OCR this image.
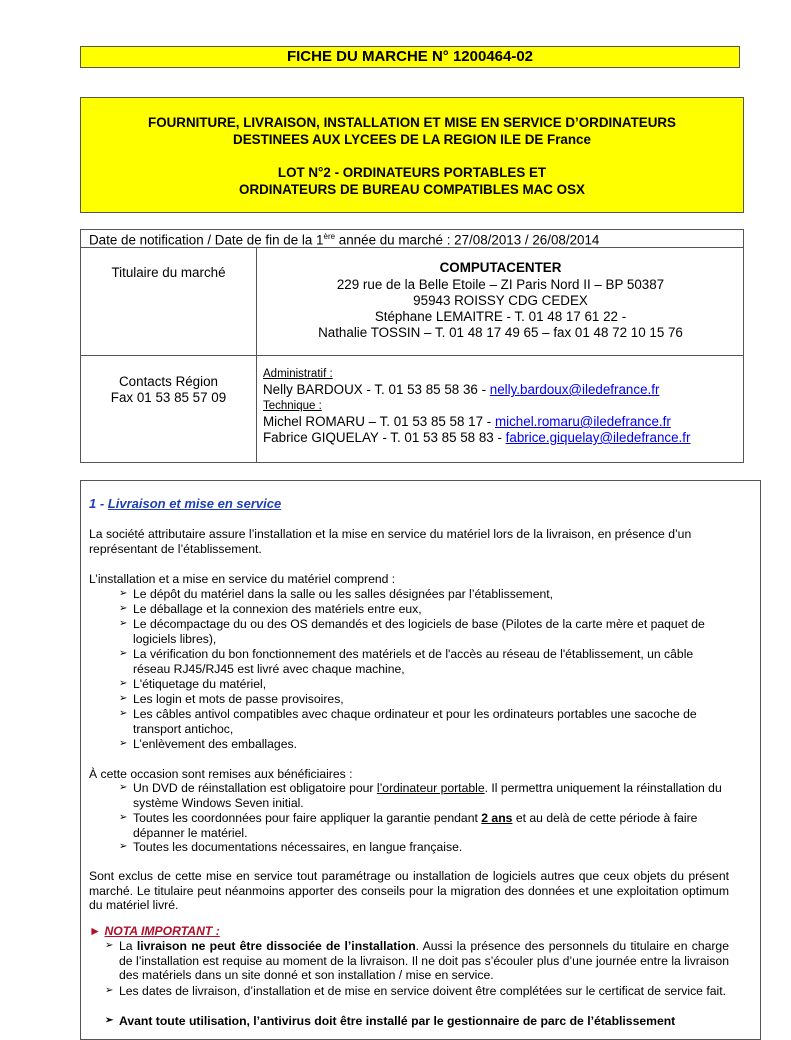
FICHE DU MARCHE N° 1200464-02
FOURNITURE, LIVRAISON, INSTALLATION ET MISE EN SERVICE D’ORDINATEURS
DESTINEES AUX LYCEES DE LA REGION ILE DE France
LOT N°2 - ORDINATEURS PORTABLES ET
ORDINATEURS DE BUREAU COMPATIBLES MAC OSX
Date de notification / Date de fin de la 1ère année du marché : 27/08/2013 / 26/08/2014
Titulaire du marché	COMPUTACENTER
229 rue de la Belle Etoile – ZI Paris Nord II – BP 50387
95943 ROISSY CDG CEDEX
Stéphane LEMAITRE - T. 01 48 17 61 22 -
Nathalie TOSSIN – T. 01 48 17 49 65 – fax 01 48 72 10 15 76
Contacts Région
Fax 01 53 85 57 09
Administratif :
Nelly BARDOUX - T. 01 53 85 58 36 - nelly.bardoux@iledefrance.fr
Technique :
Michel ROMARU – T. 01 53 85 58 17 - michel.romaru@iledefrance.fr
Fabrice GIQUELAY - T. 01 53 85 58 83 - fabrice.giquelay@iledefrance.fr
1 - Livraison et mise en service
La société attributaire assure l’installation et la mise en service du matériel lors de la livraison, en présence d’un représentant de l’établissement.
L’installation et a mise en service du matériel comprend :
➢ Le dépôt du matériel dans la salle ou les salles désignées par l’établissement,
➢ Le déballage et la connexion des matériels entre eux,
➢ Le décompactage du ou des OS demandés et des logiciels de base (Pilotes de la carte mère et paquet de logiciels libres),
➢ La vérification du bon fonctionnement des matériels et de l'accès au réseau de l'établissement, un câble réseau RJ45/RJ45 est livré avec chaque machine,
➢ L'étiquetage du matériel,
➢ Les login et mots de passe provisoires,
➢ Les câbles antivol compatibles avec chaque ordinateur et pour les ordinateurs portables une sacoche de transport antichoc,
➢ L’enlèvement des emballages.
À cette occasion sont remises aux bénéficiaires :
➢ Un DVD de réinstallation est obligatoire pour l’ordinateur portable. Il permettra uniquement la réinstallation du système Windows Seven initial.
➢ Toutes les coordonnées pour faire appliquer la garantie pendant 2 ans et au delà de cette période à faire dépanner le matériel.
➢ Toutes les documentations nécessaires, en langue française.
Sont exclus de cette mise en service tout paramétrage ou installation de logiciels autres que ceux objets du présent marché. Le titulaire peut néanmoins apporter des conseils pour la migration des données et une exploitation optimum du matériel livré.
► NOTA IMPORTANT :
➢ La livraison ne peut être dissociée de l’installation. Aussi la présence des personnels du titulaire en charge de l’installation est requise au moment de la livraison. Il ne doit pas s’écouler plus d’une journée entre la livraison des matériels dans un site donné et son installation / mise en service.
➢ Les dates de livraison, d’installation et de mise en service doivent être complétées sur le certificat de service fait.
➢ Avant toute utilisation, l’antivirus doit être installé par le gestionnaire de parc de l’établissement
